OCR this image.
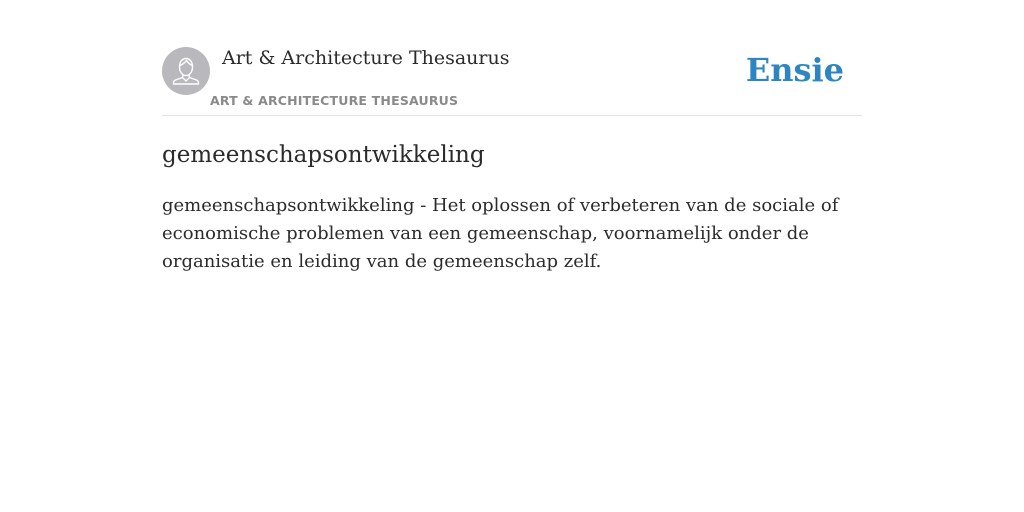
Art & Architecture Thesaurus
ART & ARCHITECTURE THESAURUS
Ensie
gemeenschapsontwikkeling

gemeenschapsontwikkeling - Het oplossen of verbeteren van de sociale of economische problemen van een gemeenschap, voornamelijk onder de organisatie en leiding van de gemeenschap zelf.
